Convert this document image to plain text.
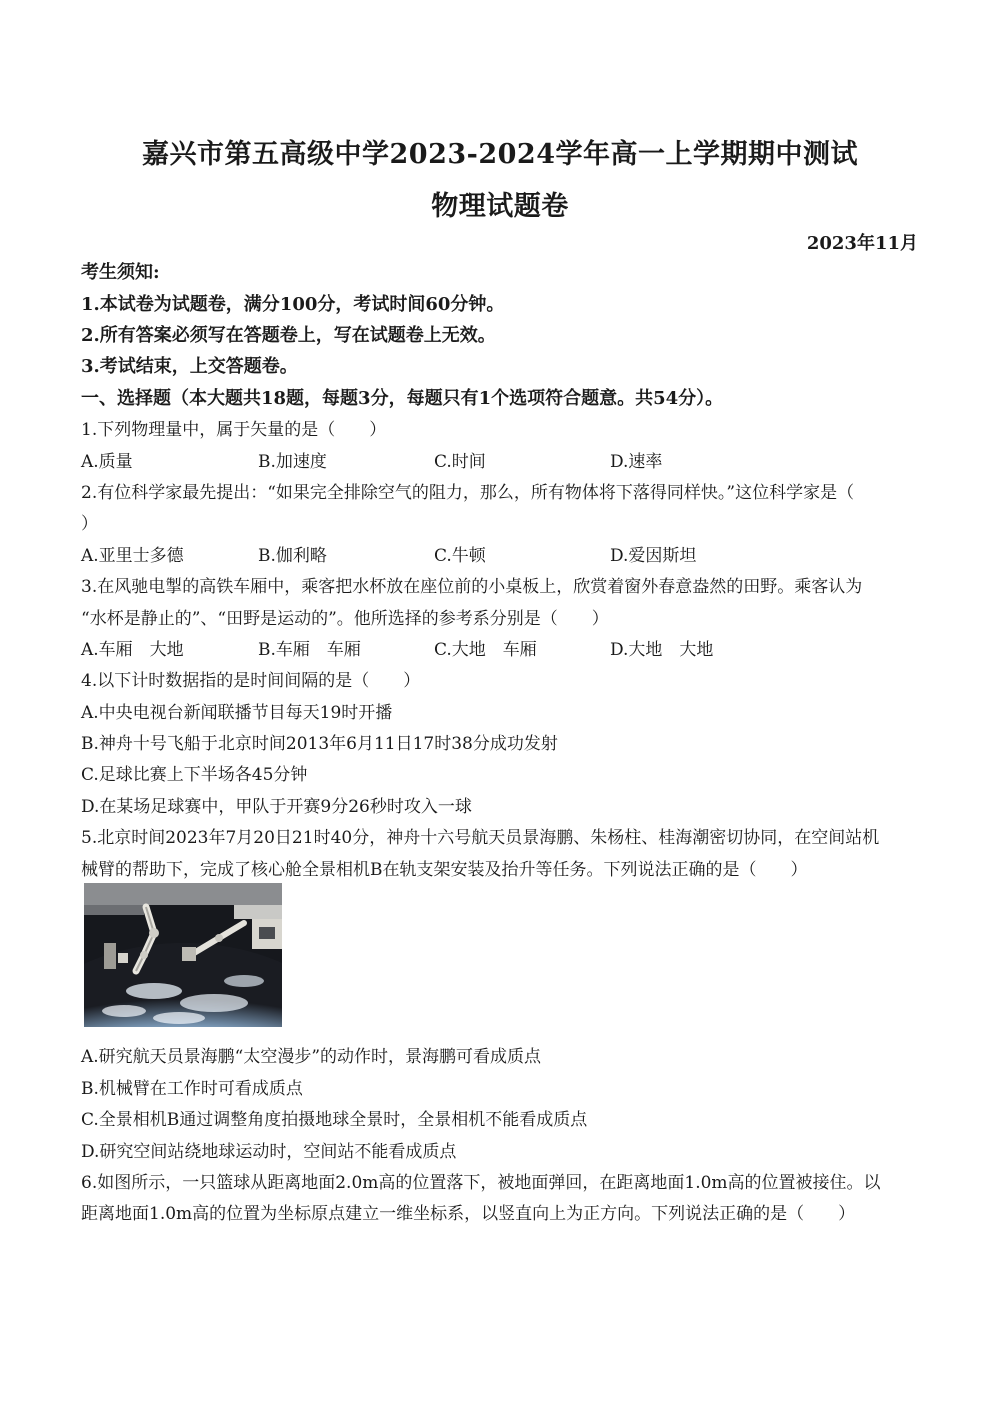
嘉兴市第五高级中学2023-2024学年高一上学期期中测试
物理试题卷
2023年11月
考生须知:
1.本试卷为试题卷，满分100分，考试时间60分钟。
2.所有答案必须写在答题卷上，写在试题卷上无效。
3.考试结束，上交答题卷。
一、选择题（本大题共18题，每题3分，每题只有1个选项符合题意。共54分）。
1.下列物理量中，属于矢量的是（　　）
A.质量	B.加速度	C.时间	D.速率
2.有位科学家最先提出：“如果完全排除空气的阻力，那么，所有物体将下落得同样快。”这位科学家是（
）
A.亚里士多德	B.伽利略	C.牛顿	D.爱因斯坦
3.在风驰电掣的高铁车厢中，乘客把水杯放在座位前的小桌板上，欣赏着窗外春意盎然的田野。乘客认为
“水杯是静止的”、“田野是运动的”。他所选择的参考系分别是（　　）
A.车厢　大地	B.车厢　车厢	C.大地　车厢	D.大地　大地
4.以下计时数据指的是时间间隔的是（　　）
A.中央电视台新闻联播节目每天19时开播
B.神舟十号飞船于北京时间2013年6月11日17时38分成功发射
C.足球比赛上下半场各45分钟
D.在某场足球赛中，甲队于开赛9分26秒时攻入一球
5.北京时间2023年7月20日21时40分，神舟十六号航天员景海鹏、朱杨柱、桂海潮密切协同，在空间站机
械臂的帮助下，完成了核心舱全景相机B在轨支架安装及抬升等任务。下列说法正确的是（　　）
A.研究航天员景海鹏“太空漫步”的动作时，景海鹏可看成质点
B.机械臂在工作时可看成质点
C.全景相机B通过调整角度拍摄地球全景时，全景相机不能看成质点
D.研究空间站绕地球运动时，空间站不能看成质点
6.如图所示，一只篮球从距离地面2.0m高的位置落下，被地面弹回，在距离地面1.0m高的位置被接住。以
距离地面1.0m高的位置为坐标原点建立一维坐标系，以竖直向上为正方向。下列说法正确的是（　　）
